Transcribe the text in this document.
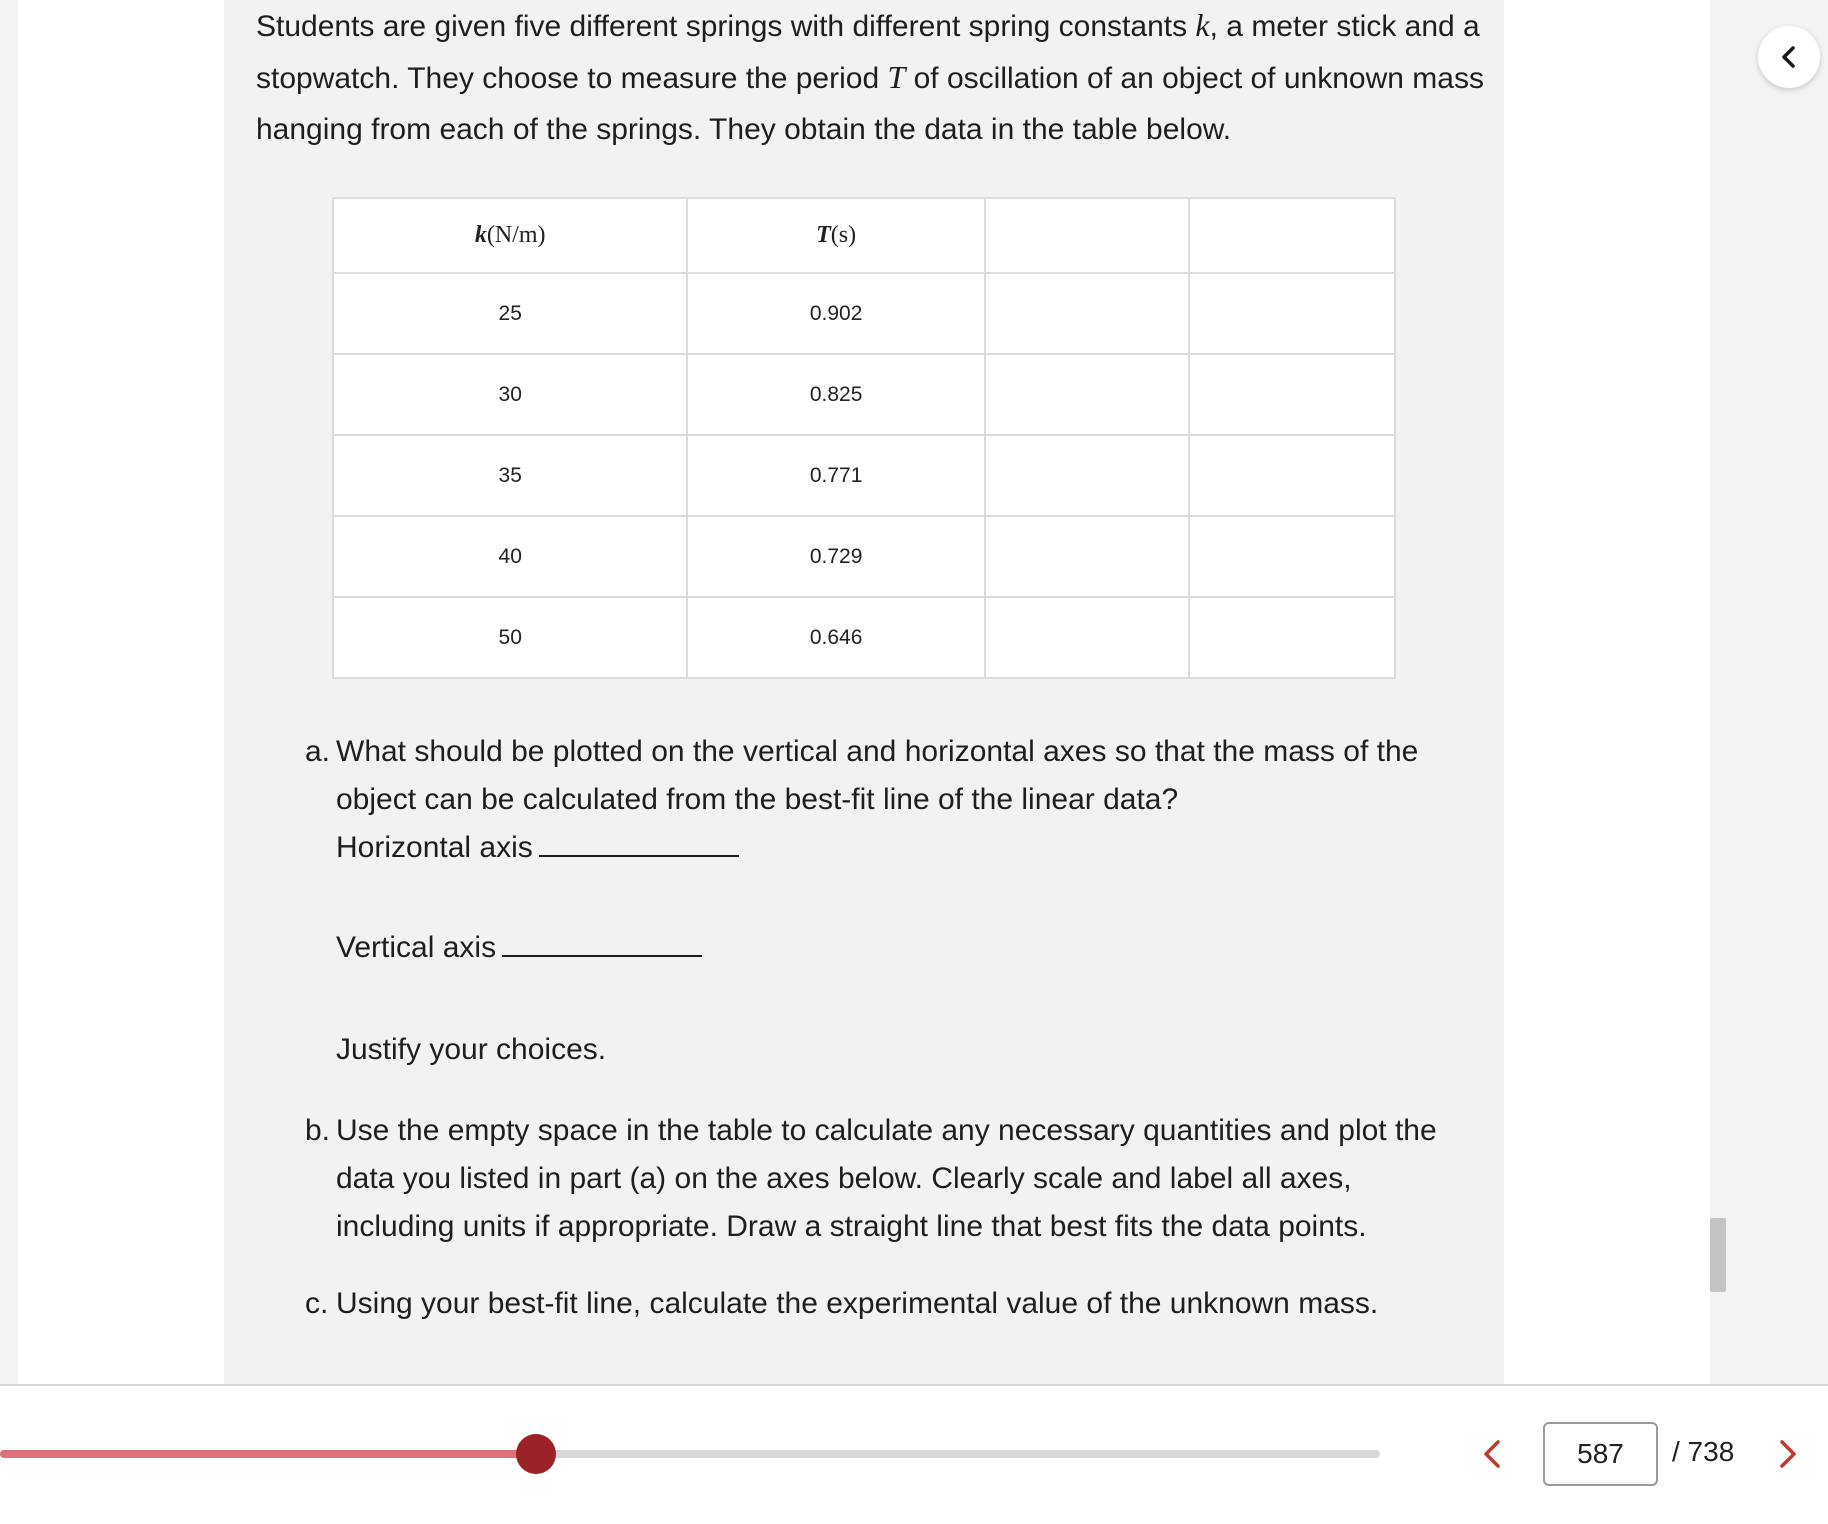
Students are given five different springs with different spring constants k, a meter stick and a stopwatch. They choose to measure the period T of oscillation of an object of unknown mass hanging from each of the springs. They obtain the data in the table below.

k(N/m)	T(s)		
25	0.902		
30	0.825		
35	0.771		
40	0.729		
50	0.646		
a. What should be plotted on the vertical and horizontal axes so that the mass of the object can be calculated from the best-fit line of the linear data?
Horizontal axis
Vertical axis
Justify your choices.
b. Use the empty space in the table to calculate any necessary quantities and plot the data you listed in part (a) on the axes below. Clearly scale and label all axes, including units if appropriate. Draw a straight line that best fits the data points.
c. Using your best-fit line, calculate the experimental value of the unknown mass.
587
/ 738
